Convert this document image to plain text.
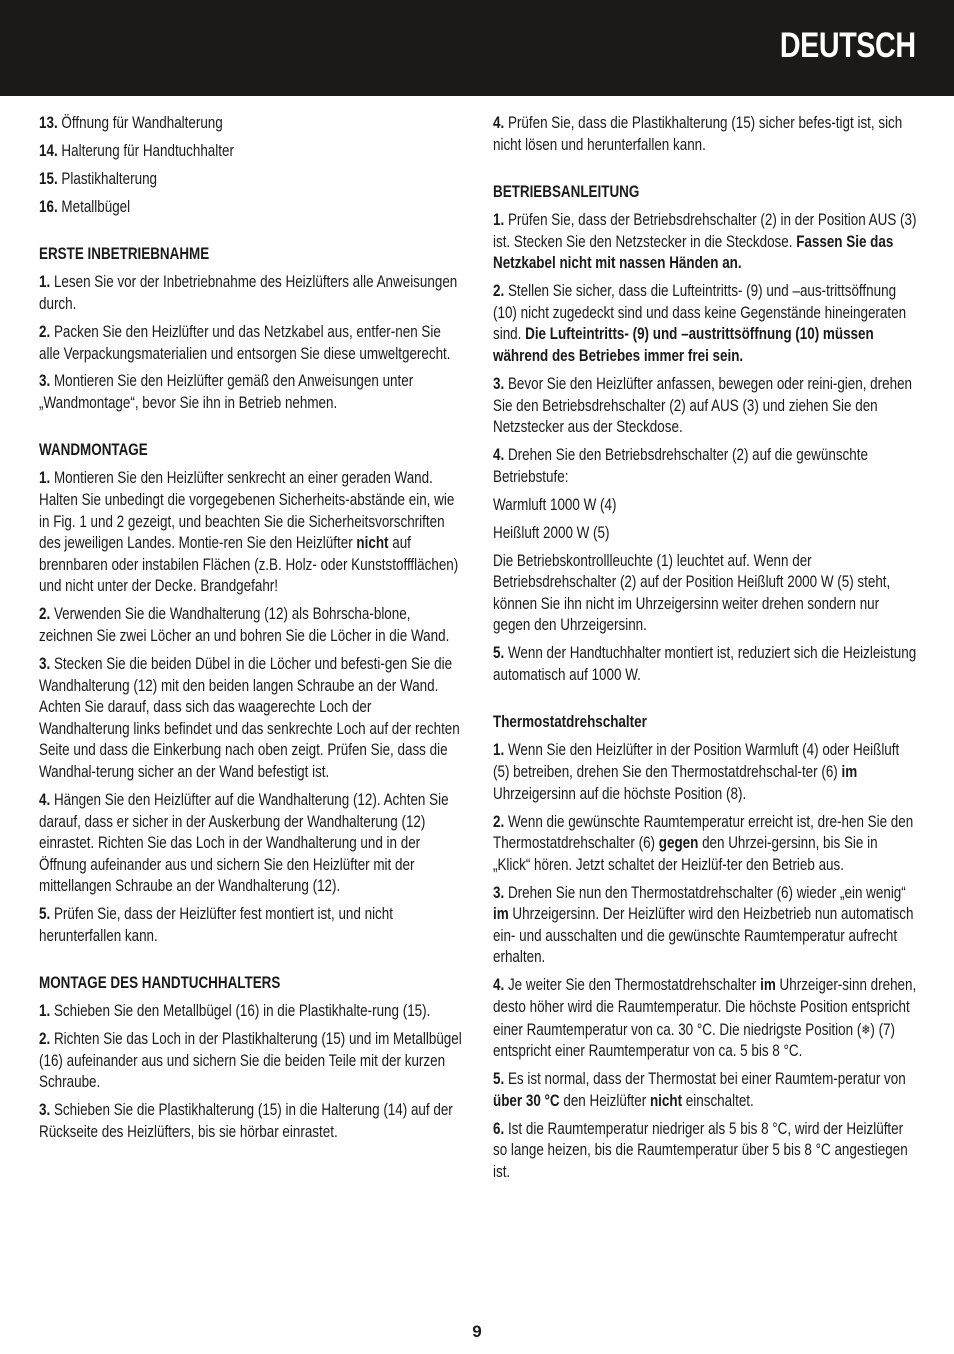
DEUTSCH

13. Öffnung für Wandhalterung

14. Halterung für Handtuchhalter

15. Plastikhalterung

16. Metallbügel

ERSTE INBETRIEBNAHME

1. Lesen Sie vor der Inbetriebnahme des Heizlüfters alle Anweisungen durch.

2. Packen Sie den Heizlüfter und das Netzkabel aus, entfer-nen Sie alle Verpackungsmaterialien und entsorgen Sie diese umweltgerecht.

3. Montieren Sie den Heizlüfter gemäß den Anweisungen unter „Wandmontage“, bevor Sie ihn in Betrieb nehmen.

WANDMONTAGE

1. Montieren Sie den Heizlüfter senkrecht an einer geraden Wand. Halten Sie unbedingt die vorgegebenen Sicherheits-abstände ein, wie in Fig. 1 und 2 gezeigt, und beachten Sie die Sicherheitsvorschriften des jeweiligen Landes. Montie-ren Sie den Heizlüfter nicht auf brennbaren oder instabilen Flächen (z.B. Holz- oder Kunststoffflächen) und nicht unter der Decke. Brandgefahr!

2. Verwenden Sie die Wandhalterung (12) als Bohrscha-blone, zeichnen Sie zwei Löcher an und bohren Sie die Löcher in die Wand.

3. Stecken Sie die beiden Dübel in die Löcher und befesti-gen Sie die Wandhalterung (12) mit den beiden langen Schraube an der Wand. Achten Sie darauf, dass sich das waagerechte Loch der Wandhalterung links befindet und das senkrechte Loch auf der rechten Seite und dass die Einkerbung nach oben zeigt. Prüfen Sie, dass die Wandhal-terung sicher an der Wand befestigt ist.

4. Hängen Sie den Heizlüfter auf die Wandhalterung (12). Achten Sie darauf, dass er sicher in der Auskerbung der Wandhalterung (12) einrastet. Richten Sie das Loch in der Wandhalterung und in der Öffnung aufeinander aus und sichern Sie den Heizlüfter mit der mittellangen Schraube an der Wandhalterung (12).

5. Prüfen Sie, dass der Heizlüfter fest montiert ist, und nicht herunterfallen kann.

MONTAGE DES HANDTUCHHALTERS

1. Schieben Sie den Metallbügel (16) in die Plastikhalte-rung (15).

2. Richten Sie das Loch in der Plastikhalterung (15) und im Metallbügel (16) aufeinander aus und sichern Sie die beiden Teile mit der kurzen Schraube.

3. Schieben Sie die Plastikhalterung (15) in die Halterung (14) auf der Rückseite des Heizlüfters, bis sie hörbar einrastet.

4. Prüfen Sie, dass die Plastikhalterung (15) sicher befes-tigt ist, sich nicht lösen und herunterfallen kann.

BETRIEBSANLEITUNG

1. Prüfen Sie, dass der Betriebsdrehschalter (2) in der Position AUS (3) ist. Stecken Sie den Netzstecker in die Steckdose. Fassen Sie das Netzkabel nicht mit nassen Händen an.

2. Stellen Sie sicher, dass die Lufteintritts- (9) und –aus-trittsöffnung (10) nicht zugedeckt sind und dass keine Gegenstände hineingeraten sind. Die Lufteintritts- (9) und –austrittsöffnung (10) müssen während des Betriebes immer frei sein.

3. Bevor Sie den Heizlüfter anfassen, bewegen oder reini-gien, drehen Sie den Betriebsdrehschalter (2) auf AUS (3) und ziehen Sie den Netzstecker aus der Steckdose.

4. Drehen Sie den Betriebsdrehschalter (2) auf die gewünschte Betriebstufe:

Warmluft 1000 W (4)

Heißluft 2000 W (5)

Die Betriebskontrollleuchte (1) leuchtet auf. Wenn der Betriebsdrehschalter (2) auf der Position Heißluft 2000 W (5) steht, können Sie ihn nicht im Uhrzeigersinn weiter drehen sondern nur gegen den Uhrzeigersinn.

5. Wenn der Handtuchhalter montiert ist, reduziert sich die Heizleistung automatisch auf 1000 W.

Thermostatdrehschalter

1. Wenn Sie den Heizlüfter in der Position Warmluft (4) oder Heißluft (5) betreiben, drehen Sie den Thermostatdrehschal-ter (6) im Uhrzeigersinn auf die höchste Position (8).

2. Wenn die gewünschte Raumtemperatur erreicht ist, dre-hen Sie den Thermostatdrehschalter (6) gegen den Uhrzei-gersinn, bis Sie in „Klick“ hören. Jetzt schaltet der Heizlüf-ter den Betrieb aus.

3. Drehen Sie nun den Thermostatdrehschalter (6) wieder „ein wenig“ im Uhrzeigersinn. Der Heizlüfter wird den Heizbetrieb nun automatisch ein- und ausschalten und die gewünschte Raumtemperatur aufrecht erhalten.

4. Je weiter Sie den Thermostatdrehschalter im Uhrzeiger-sinn drehen, desto höher wird die Raumtemperatur. Die höchste Position entspricht einer Raumtemperatur von ca. 30 °C. Die niedrigste Position (❄) (7) entspricht einer Raumtemperatur von ca. 5 bis 8 °C.

5. Es ist normal, dass der Thermostat bei einer Raumtem-peratur von über 30 °C den Heizlüfter nicht einschaltet.

6. Ist die Raumtemperatur niedriger als 5 bis 8 °C, wird der Heizlüfter so lange heizen, bis die Raumtemperatur über 5 bis 8 °C angestiegen ist.

9
